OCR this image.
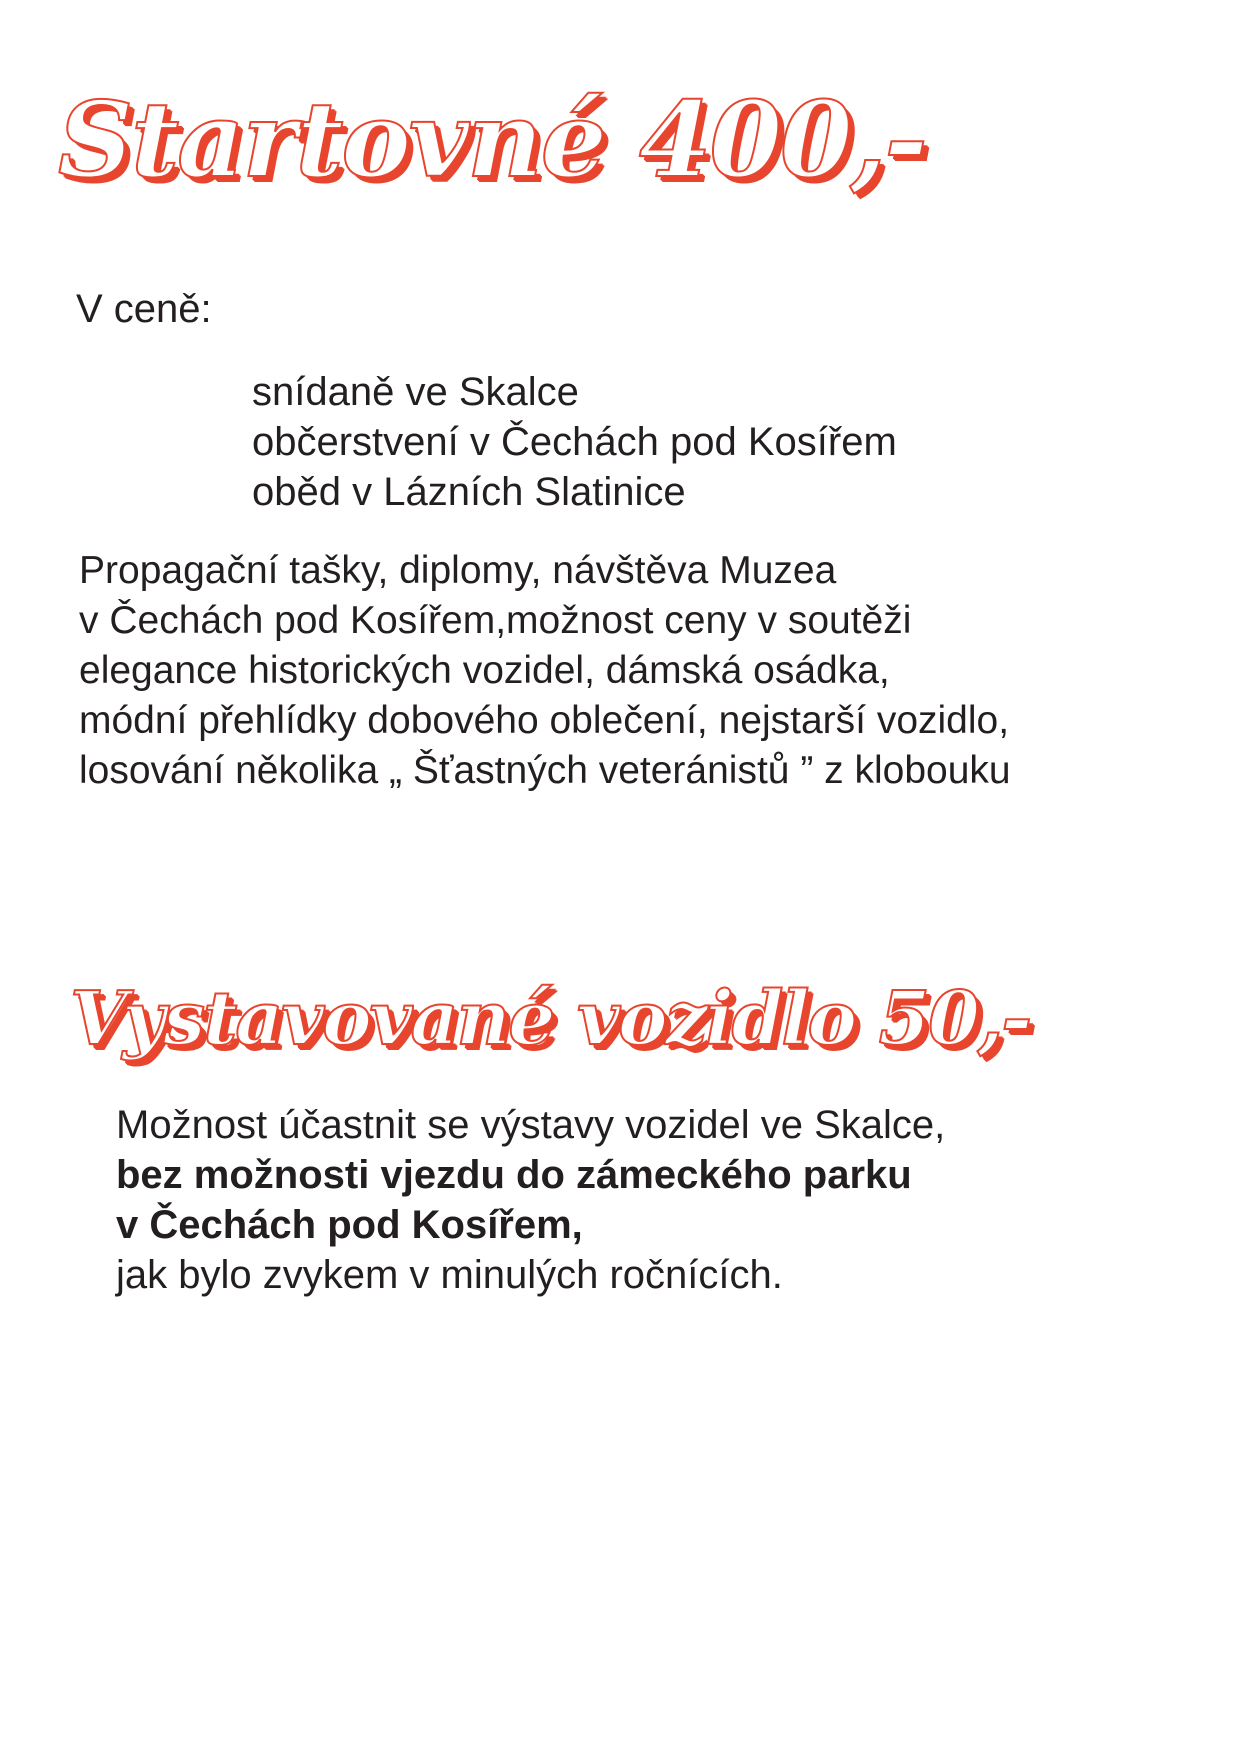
Startovné 400,-
V ceně:
snídaně ve Skalce
občerstvení v Čechách pod Kosířem
oběd v Lázních Slatinice
Propagační tašky, diplomy, návštěva Muzea
v Čechách pod Kosířem,možnost ceny v soutěži
elegance historických vozidel, dámská osádka,
módní přehlídky dobového oblečení, nejstarší vozidlo,
losování několika „ Šťastných veteránistů ” z klobouku
Vystavované vozidlo 50,-
Možnost účastnit se výstavy vozidel ve Skalce,
bez možnosti vjezdu do zámeckého parku
v Čechách pod Kosířem,
jak bylo zvykem v minulých ročnících.
